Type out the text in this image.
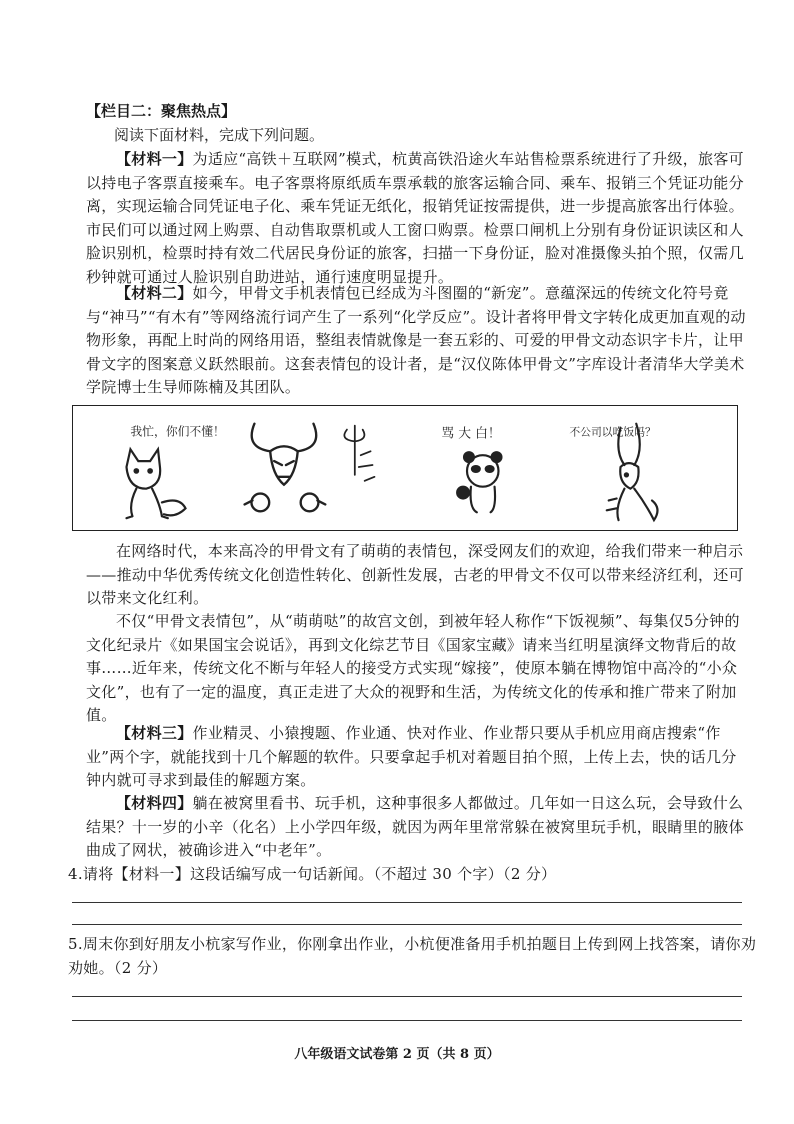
【栏目二：聚焦热点】
阅读下面材料，完成下列问题。
【材料一】为适应“高铁＋互联网”模式，杭黄高铁沿途火车站售检票系统进行了升级，旅客可以持电子客票直接乘车。电子客票将原纸质车票承载的旅客运输合同、乘车、报销三个凭证功能分离，实现运输合同凭证电子化、乘车凭证无纸化，报销凭证按需提供，进一步提高旅客出行体验。市民们可以通过网上购票、自动售取票机或人工窗口购票。检票口闸机上分别有身份证识读区和人脸识别机，检票时持有效二代居民身份证的旅客，扫描一下身份证，脸对准摄像头拍个照，仅需几秒钟就可通过人脸识别自助进站，通行速度明显提升。
【材料二】如今，甲骨文手机表情包已经成为斗图圈的“新宠”。意蕴深远的传统文化符号竟与“神马”“有木有”等网络流行词产生了一系列“化学反应”。设计者将甲骨文字转化成更加直观的动物形象，再配上时尚的网络用语，整组表情就像是一套五彩的、可爱的甲骨文动态识字卡片，让甲骨文字的图案意义跃然眼前。这套表情包的设计者，是“汉仪陈体甲骨文”字库设计者清华大学美术学院博士生导师陈楠及其团队。
我忙，你们不懂！	骂 大 白！	不公司以吃饭吗？
在网络时代，本来高冷的甲骨文有了萌萌的表情包，深受网友们的欢迎，给我们带来一种启示——推动中华优秀传统文化创造性转化、创新性发展，古老的甲骨文不仅可以带来经济红利，还可以带来文化红利。
不仅“甲骨文表情包”，从“萌萌哒”的故宫文创，到被年轻人称作“下饭视频”、每集仅5分钟的文化纪录片《如果国宝会说话》，再到文化综艺节目《国家宝藏》请来当红明星演绎文物背后的故事……近年来，传统文化不断与年轻人的接受方式实现“嫁接”，使原本躺在博物馆中高冷的“小众文化”，也有了一定的温度，真正走进了大众的视野和生活，为传统文化的传承和推广带来了附加值。
【材料三】作业精灵、小猿搜题、作业通、快对作业、作业帮只要从手机应用商店搜索“作业”两个字，就能找到十几个解题的软件。只要拿起手机对着题目拍个照，上传上去，快的话几分钟内就可寻求到最佳的解题方案。
【材料四】躺在被窝里看书、玩手机，这种事很多人都做过。几年如一日这么玩，会导致什么结果？十一岁的小辛（化名）上小学四年级，就因为两年里常常躲在被窝里玩手机，眼睛里的腋体曲成了网状，被确诊进入“中老年”。
4.请将【材料一】这段话编写成一句话新闻。（不超过 30 个字）（2 分）
5.周末你到好朋友小杭家写作业，你刚拿出作业，小杭便准备用手机拍题目上传到网上找答案，请你劝劝她。（2 分）
八年级语文试卷第 2 页（共 8 页）
